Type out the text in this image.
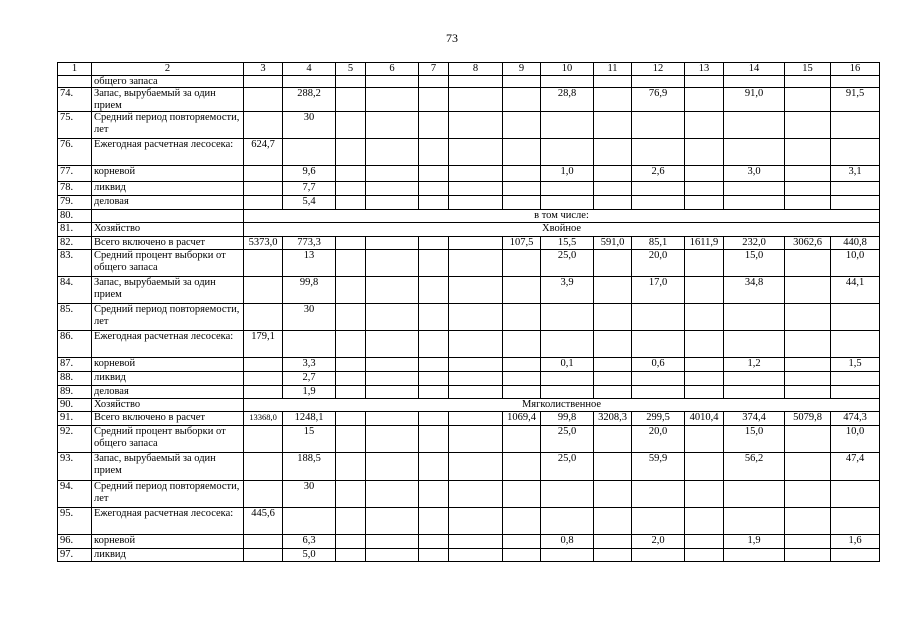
73
1	2	3	4	5	6	7	8	9	10	11	12	13	14	15	16
	общего запаса														
74.	Запас, вырубаемый за один прием		288,2						28,8		76,9		91,0		91,5
75.	Средний период повторяемости, лет		30												
76.	Ежегодная расчетная лесосека:	624,7													
77.	корневой		9,6						1,0		2,6		3,0		3,1
78.	ликвид		7,7												
79.	деловая		5,4												
80.		в том числе:													
81.	Хозяйство	Хвойное													
82.	Всего включено в расчет	5373,0	773,3					107,5	15,5	591,0	85,1	1611,9	232,0	3062,6	440,8
83.	Средний процент выборки от общего запаса		13						25,0		20,0		15,0		10,0
84.	Запас, вырубаемый за один прием		99,8						3,9		17,0		34,8		44,1
85.	Средний период повторяемости, лет		30												
86.	Ежегодная расчетная лесосека:	179,1													
87.	корневой		3,3						0,1		0,6		1,2		1,5
88.	ликвид		2,7												
89.	деловая		1,9												
90.	Хозяйство	Мягколиственное													
91.	Всего включено в расчет	13368,0	1248,1					1069,4	99,8	3208,3	299,5	4010,4	374,4	5079,8	474,3
92.	Средний процент выборки от общего запаса		15						25,0		20,0		15,0		10,0
93.	Запас, вырубаемый за один прием		188,5						25,0		59,9		56,2		47,4
94.	Средний период повторяемости, лет		30												
95.	Ежегодная расчетная лесосека:	445,6													
96.	корневой		6,3						0,8		2,0		1,9		1,6
97.	ликвид		5,0												
